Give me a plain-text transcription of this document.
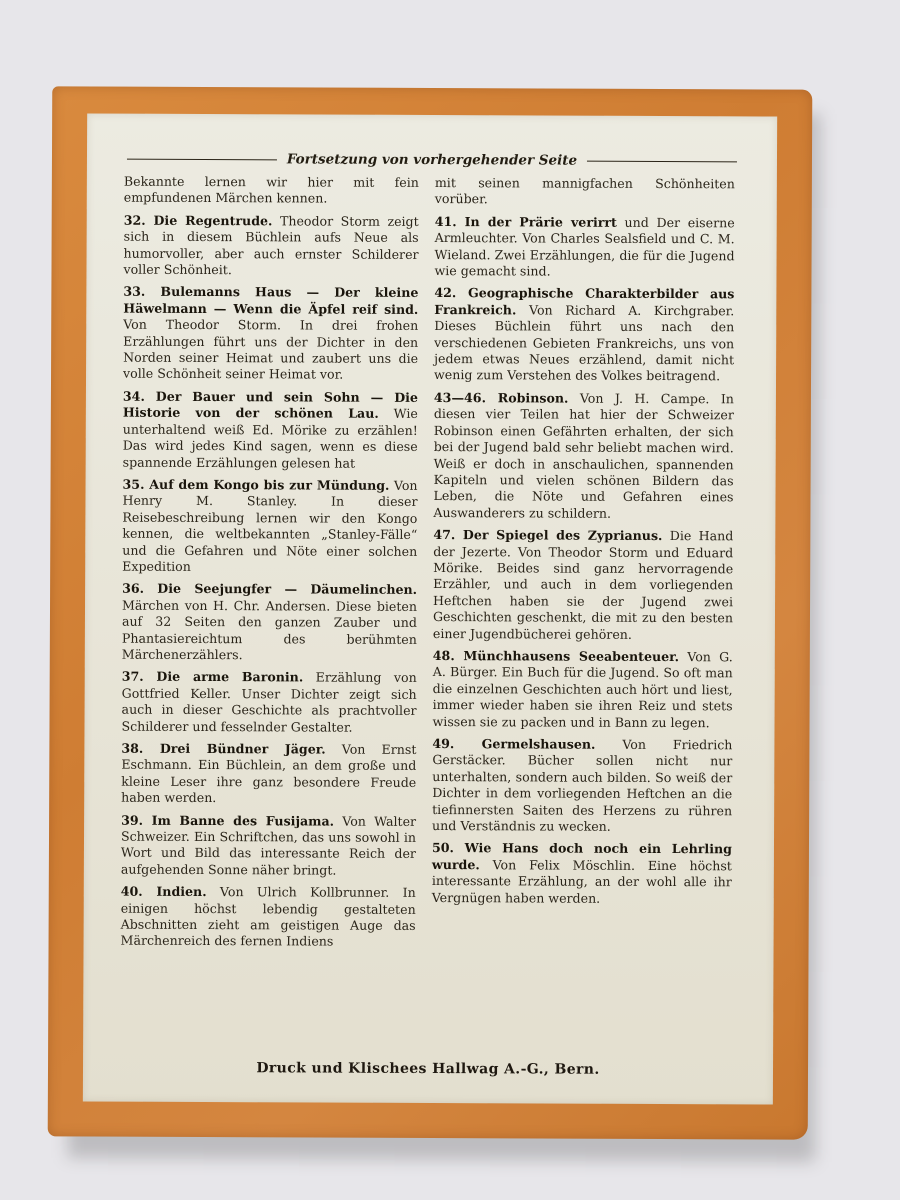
Fortsetzung von vorhergehender Seite

Bekannte lernen wir hier mit fein empfundenen Märchen kennen.

32. Die Regentrude. Theodor Storm zeigt sich in diesem Büchlein aufs Neue als humorvoller, aber auch ernster Schilderer voller Schönheit.

33. Bulemanns Haus — Der kleine Häwelmann — Wenn die Äpfel reif sind. Von Theodor Storm. In drei frohen Erzählungen führt uns der Dichter in den Norden seiner Heimat und zaubert uns die volle Schönheit seiner Heimat vor.

34. Der Bauer und sein Sohn — Die Historie von der schönen Lau. Wie unterhaltend weiß Ed. Mörike zu erzählen! Das wird jedes Kind sagen, wenn es diese spannende Erzählungen gelesen hat

35. Auf dem Kongo bis zur Mündung. Von Henry M. Stanley. In dieser Reisebeschreibung lernen wir den Kongo kennen, die weltbekannten „Stanley-Fälle“ und die Gefahren und Nöte einer solchen Expedition

36. Die Seejungfer — Däumelinchen. Märchen von H. Chr. Andersen. Diese bieten auf 32 Seiten den ganzen Zauber und Phantasiereichtum des berühmten Märchenerzählers.

37. Die arme Baronin. Erzählung von Gottfried Keller. Unser Dichter zeigt sich auch in dieser Geschichte als prachtvoller Schilderer und fesselnder Gestalter.

38. Drei Bündner Jäger. Von Ernst Eschmann. Ein Büchlein, an dem große und kleine Leser ihre ganz besondere Freude haben werden.

39. Im Banne des Fusijama. Von Walter Schweizer. Ein Schriftchen, das uns sowohl in Wort und Bild das interessante Reich der aufgehenden Sonne näher bringt.

40. Indien. Von Ulrich Kollbrunner. In einigen höchst lebendig gestalteten Abschnitten zieht am geistigen Auge das Märchenreich des fernen Indiens

mit seinen mannigfachen Schönheiten vorüber.

41. In der Prärie verirrt und Der eiserne Armleuchter. Von Charles Sealsfield und C. M. Wieland. Zwei Erzählungen, die für die Jugend wie gemacht sind.

42. Geographische Charakterbilder aus Frankreich. Von Richard A. Kirchgraber. Dieses Büchlein führt uns nach den verschiedenen Gebieten Frankreichs, uns von jedem etwas Neues erzählend, damit nicht wenig zum Verstehen des Volkes beitragend.

43—46. Robinson. Von J. H. Campe. In diesen vier Teilen hat hier der Schweizer Robinson einen Gefährten erhalten, der sich bei der Jugend bald sehr beliebt machen wird. Weiß er doch in anschaulichen, spannenden Kapiteln und vielen schönen Bildern das Leben, die Nöte und Gefahren eines Auswanderers zu schildern.

47. Der Spiegel des Zyprianus. Die Hand der Jezerte. Von Theodor Storm und Eduard Mörike. Beides sind ganz hervorragende Erzähler, und auch in dem vorliegenden Heftchen haben sie der Jugend zwei Geschichten geschenkt, die mit zu den besten einer Jugendbücherei gehören.

48. Münchhausens Seeabenteuer. Von G. A. Bürger. Ein Buch für die Jugend. So oft man die einzelnen Geschichten auch hört und liest, immer wieder haben sie ihren Reiz und stets wissen sie zu packen und in Bann zu legen.

49. Germelshausen. Von Friedrich Gerstäcker. Bücher sollen nicht nur unterhalten, sondern auch bilden. So weiß der Dichter in dem vorliegenden Heftchen an die tiefinnersten Saiten des Herzens zu rühren und Verständnis zu wecken.

50. Wie Hans doch noch ein Lehrling wurde. Von Felix Möschlin. Eine höchst interessante Erzählung, an der wohl alle ihr Vergnügen haben werden.

Druck und Klischees Hallwag A.-G., Bern.
